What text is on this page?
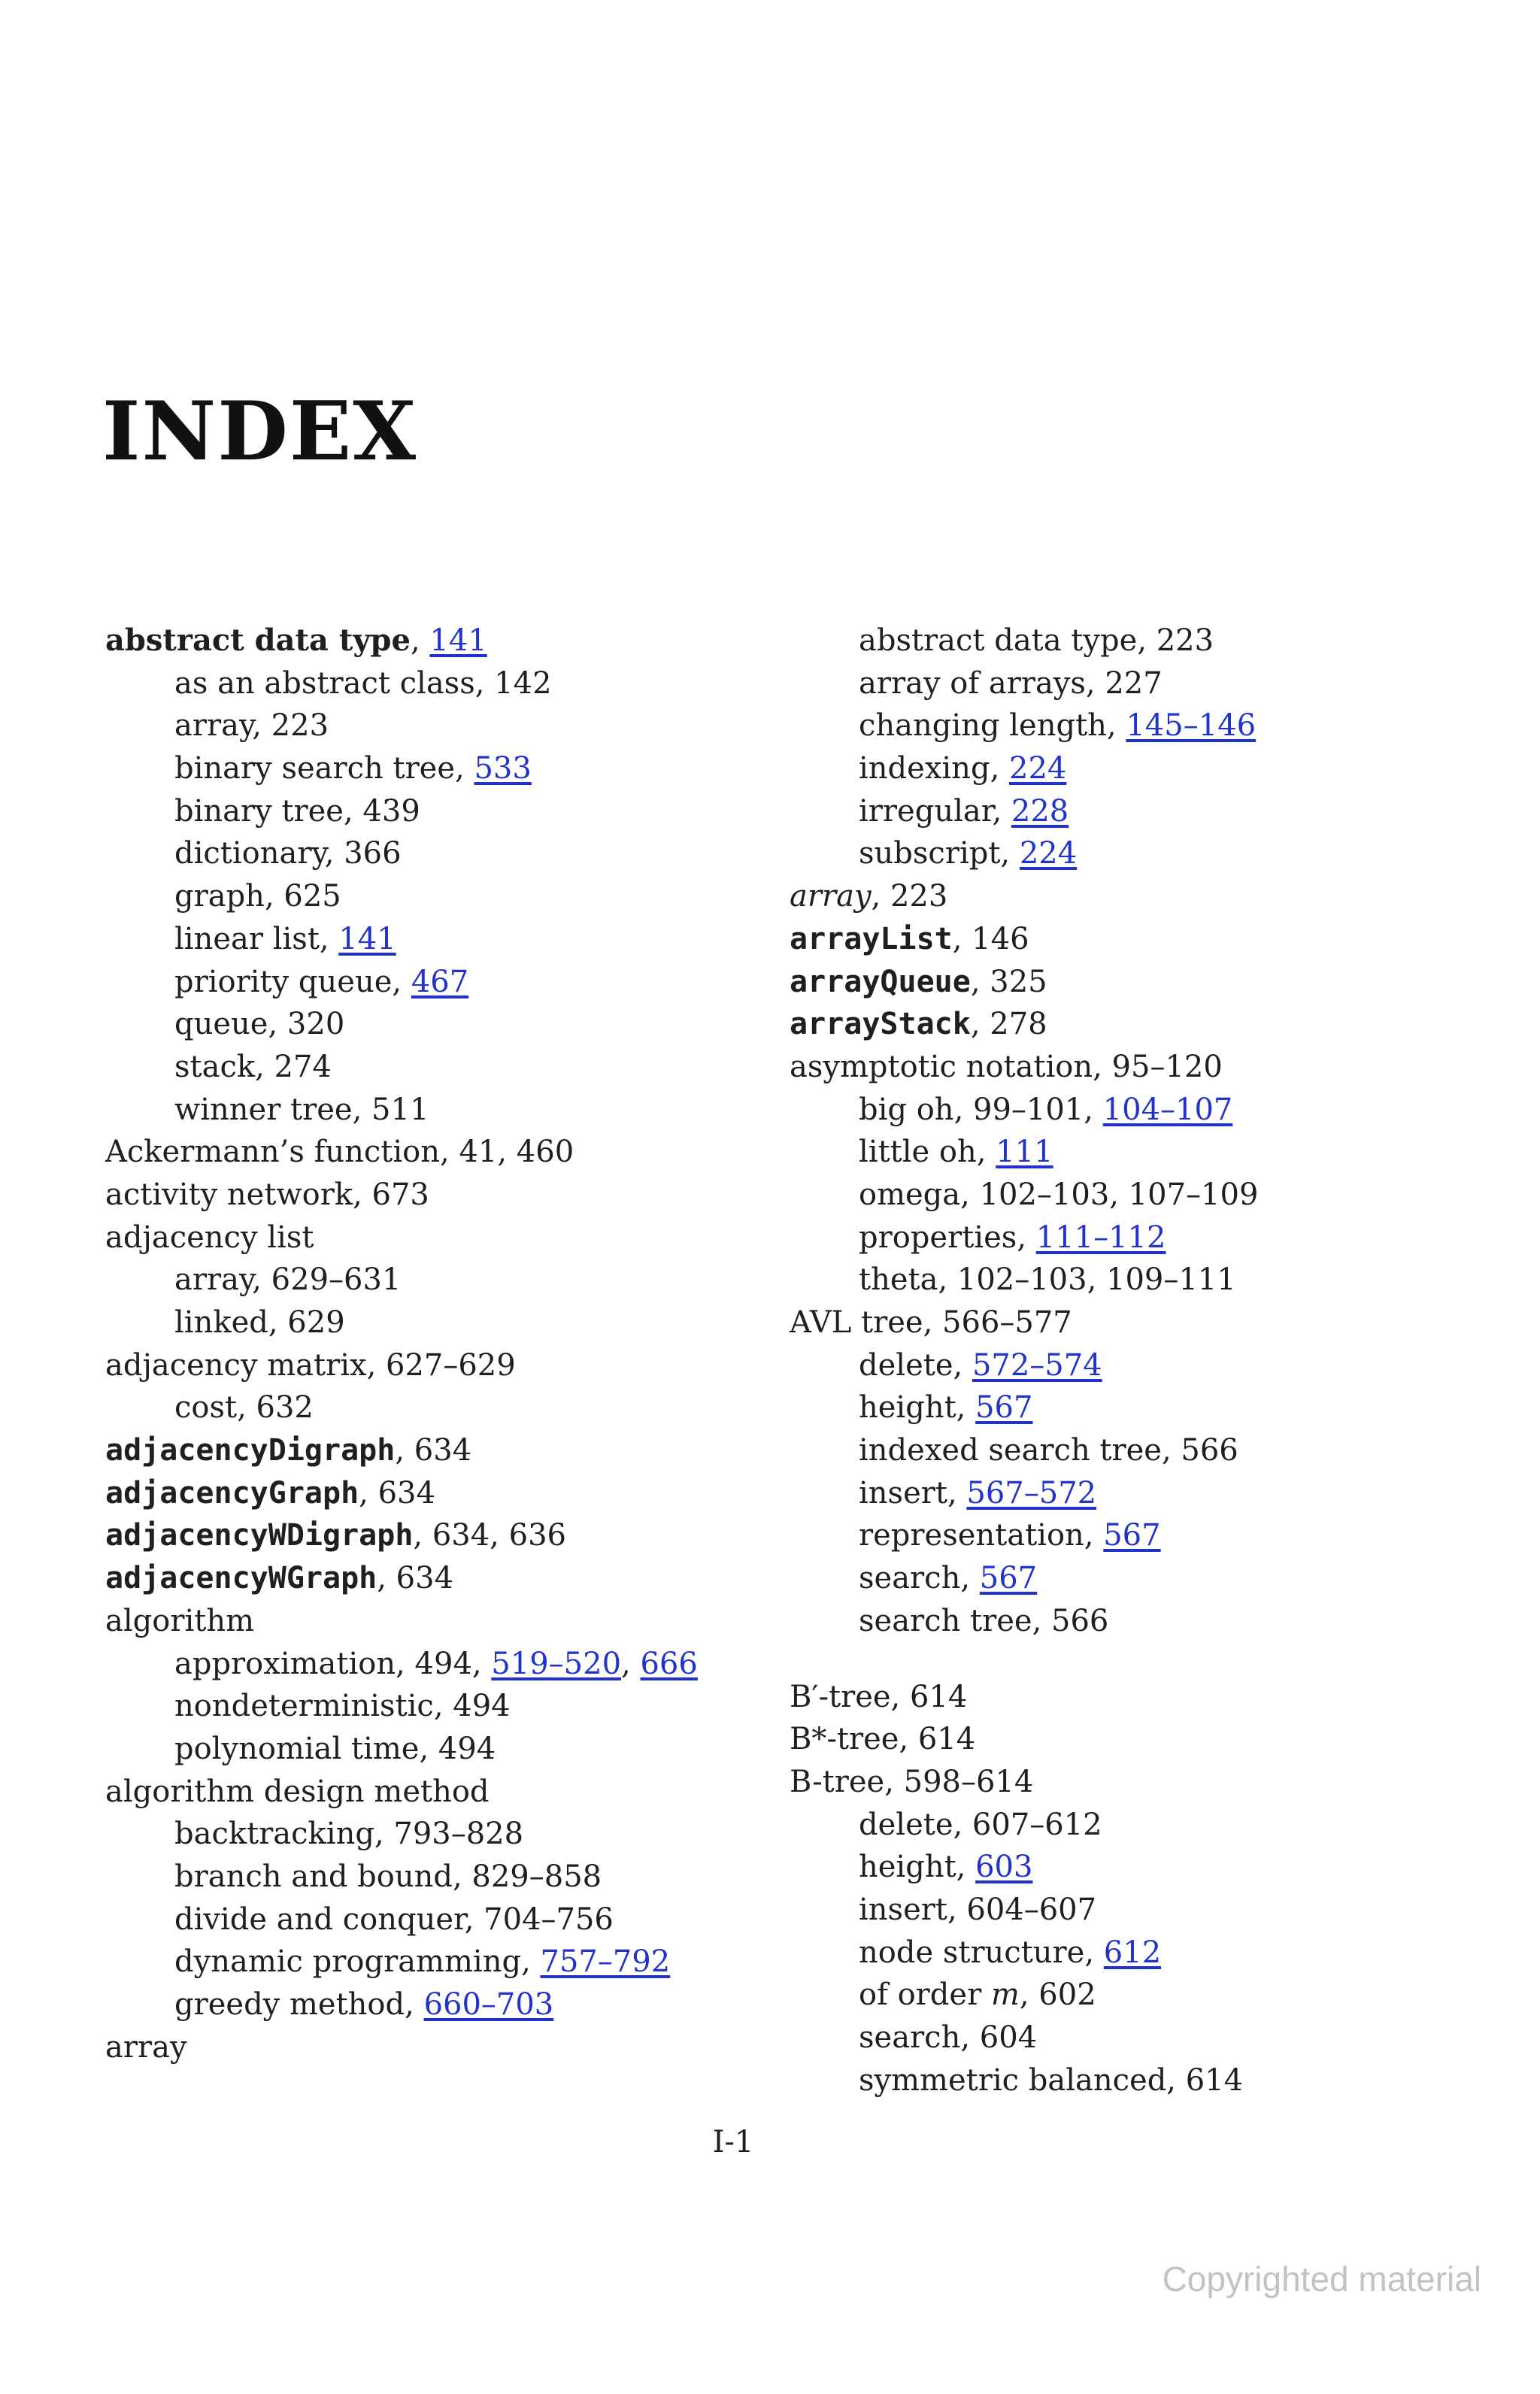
INDEX
abstract data type, 141
as an abstract class, 142
array, 223
binary search tree, 533
binary tree, 439
dictionary, 366
graph, 625
linear list, 141
priority queue, 467
queue, 320
stack, 274
winner tree, 511
Ackermann’s function, 41, 460
activity network, 673
adjacency list
array, 629–631
linked, 629
adjacency matrix, 627–629
cost, 632
adjacencyDigraph, 634
adjacencyGraph, 634
adjacencyWDigraph, 634, 636
adjacencyWGraph, 634
algorithm
approximation, 494, 519–520, 666
nondeterministic, 494
polynomial time, 494
algorithm design method
backtracking, 793–828
branch and bound, 829–858
divide and conquer, 704–756
dynamic programming, 757–792
greedy method, 660–703
array
abstract data type, 223
array of arrays, 227
changing length, 145–146
indexing, 224
irregular, 228
subscript, 224
array, 223
arrayList, 146
arrayQueue, 325
arrayStack, 278
asymptotic notation, 95–120
big oh, 99–101, 104–107
little oh, 111
omega, 102–103, 107–109
properties, 111–112
theta, 102–103, 109–111
AVL tree, 566–577
delete, 572–574
height, 567
indexed search tree, 566
insert, 567–572
representation, 567
search, 567
search tree, 566
B′-tree, 614
B*-tree, 614
B-tree, 598–614
delete, 607–612
height, 603
insert, 604–607
node structure, 612
of order m, 602
search, 604
symmetric balanced, 614
I-1
Copyrighted material
